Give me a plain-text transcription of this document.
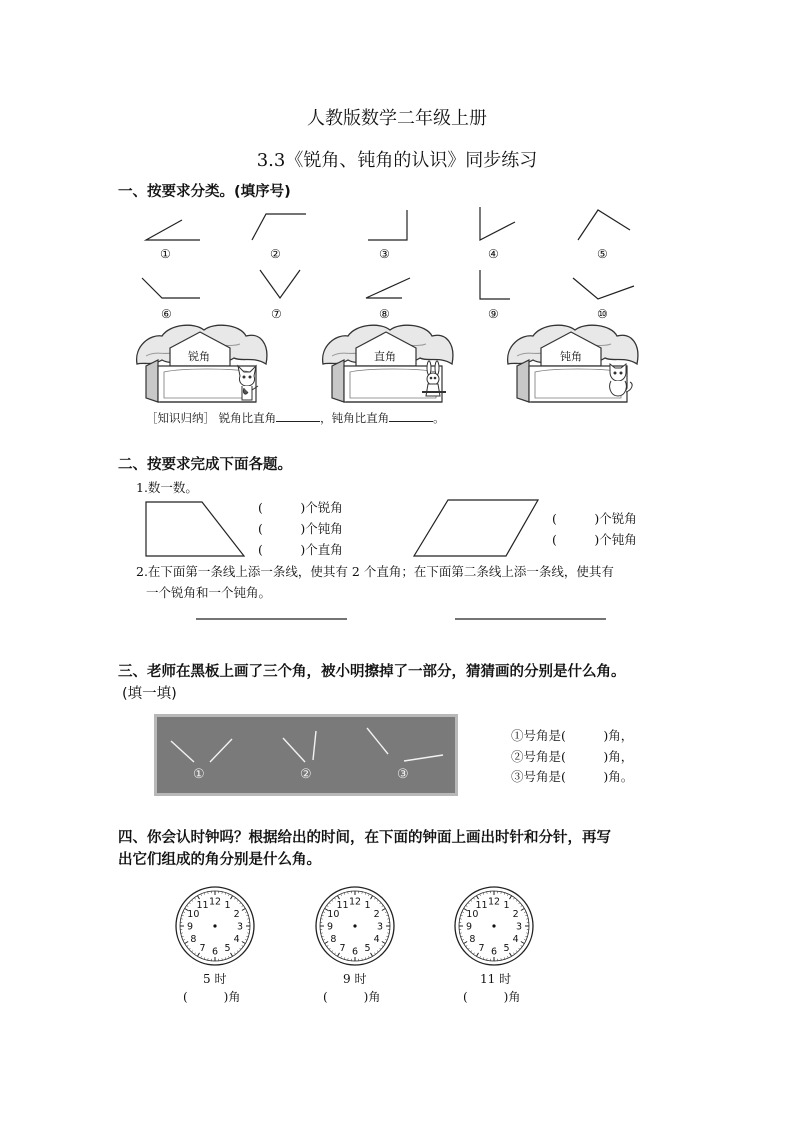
人教版数学二年级上册
3.3《锐角、钝角的认识》同步练习
一、按要求分类。(填序号)
①	②	③	④	⑤
⑥	⑦	⑧	⑨	⑩
锐角	直角	钝角
［知识归纳］ 锐角比直角	，钝角比直角	。
二、按要求完成下面各题。
1.数一数。
(　　　)个锐角
(　　　)个钝角
(　　　)个直角
(　　　)个锐角
(　　　)个钝角
2.在下面第一条线上添一条线，使其有 2 个直角；在下面第二条线上添一条线，使其有
一个锐角和一个钝角。
三、老师在黑板上画了三个角，被小明擦掉了一部分，猜猜画的分别是什么角。
(填一填)
①	②	③
①号角是(　　　)角，
②号角是(　　　)角，
③号角是(　　　)角。
四、你会认时钟吗？根据给出的时间，在下面的钟面上画出时针和分针，再写
出它们组成的角分别是什么角。
12 1
2
3
4
5
6
7
8
9
10
11	12 1
2
3
4
5
6
7
8
9
10
11	12 1
2
3
4
5
6
7
8
9
10
11
5 时	9 时	11 时
(　　　)角	(　　　)角	(　　　)角
